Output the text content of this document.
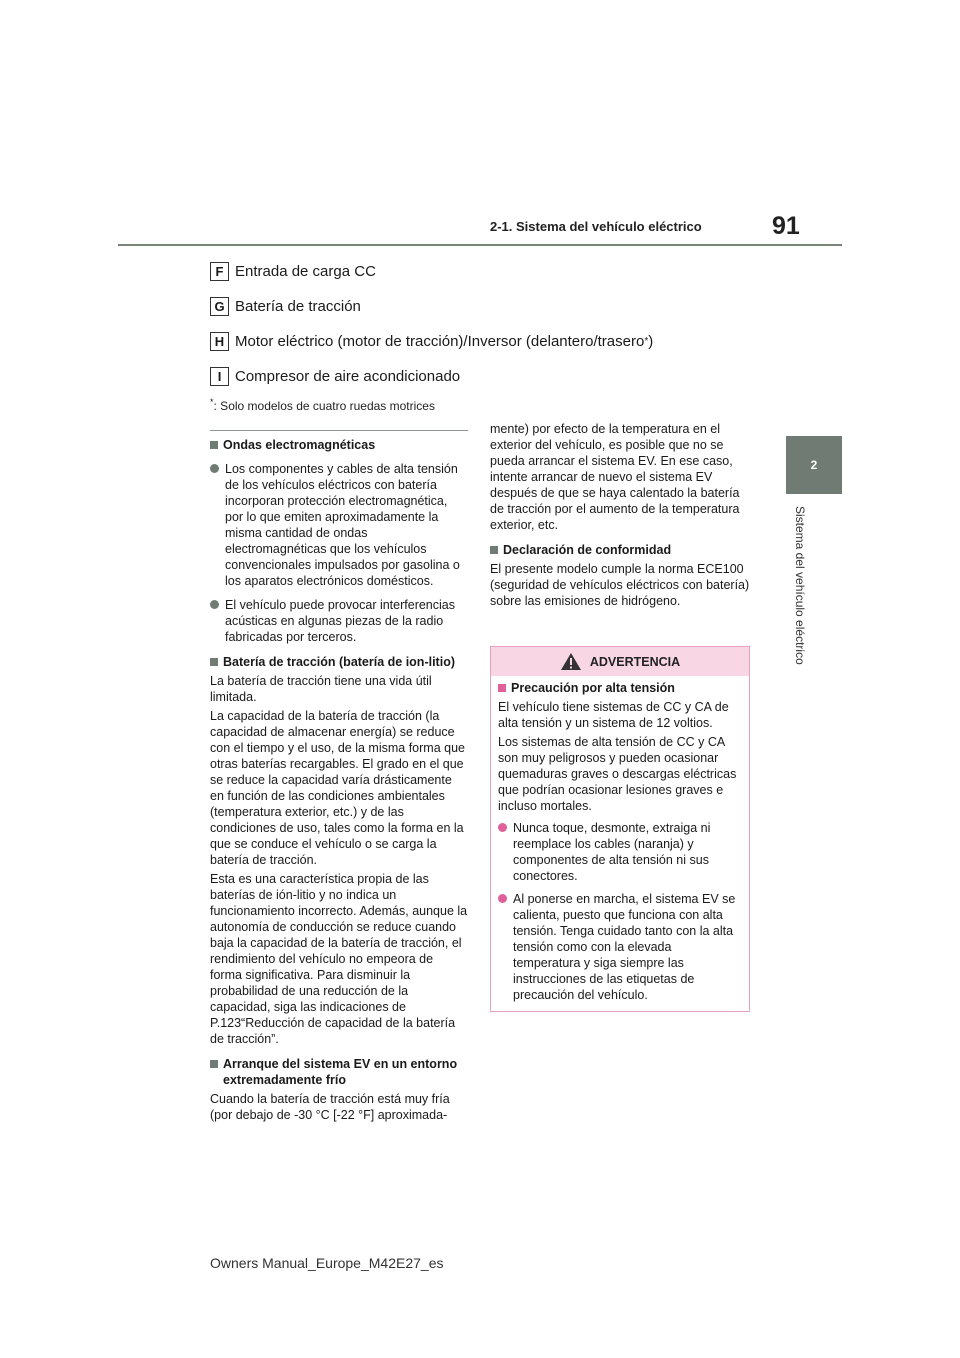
2-1. Sistema del vehículo eléctrico	91
2
Sistema del vehículo eléctrico
F Entrada de carga CC
G Batería de tracción
H Motor eléctrico (motor de tracción)/Inversor (delantero/trasero * )
I Compresor de aire acondicionado
*: Solo modelos de cuatro ruedas motrices

Ondas electromagnéticas

Los componentes y cables de alta tensión de los vehículos eléctricos con batería incorporan protección electromagnética, por lo que emiten aproximadamente la misma cantidad de ondas electromagnéticas que los vehículos convencionales impulsados por gasolina o los aparatos electrónicos domésticos.

El vehículo puede provocar interferencias acústicas en algunas piezas de la radio fabricadas por terceros.

Batería de tracción (batería de ion-litio)

La batería de tracción tiene una vida útil limitada.

La capacidad de la batería de tracción (la capacidad de almacenar energía) se reduce con el tiempo y el uso, de la misma forma que otras baterías recargables. El grado en el que se reduce la capacidad varía drásticamente en función de las condiciones ambientales (temperatura exterior, etc.) y de las condiciones de uso, tales como la forma en la que se conduce el vehículo o se carga la batería de tracción.

Esta es una característica propia de las baterías de ión-litio y no indica un funcionamiento incorrecto. Además, aunque la autonomía de conducción se reduce cuando baja la capacidad de la batería de tracción, el rendimiento del vehículo no empeora de forma significativa. Para disminuir la probabilidad de una reducción de la capacidad, siga las indicaciones de P.123“Reducción de capacidad de la batería de tracción”.

Arranque del sistema EV en un entorno extremadamente frío

Cuando la batería de tracción está muy fría (por debajo de -30 °C [-22 °F] aproximada-

mente) por efecto de la temperatura en el exterior del vehículo, es posible que no se pueda arrancar el sistema EV. En ese caso, intente arrancar de nuevo el sistema EV después de que se haya calentado la batería de tracción por el aumento de la temperatura exterior, etc.

Declaración de conformidad

El presente modelo cumple la norma ECE100 (seguridad de vehículos eléctricos con batería) sobre las emisiones de hidrógeno.

ADVERTENCIA

Precaución por alta tensión

El vehículo tiene sistemas de CC y CA de alta tensión y un sistema de 12 voltios.

Los sistemas de alta tensión de CC y CA son muy peligrosos y pueden ocasionar quemaduras graves o descargas eléctricas que podrían ocasionar lesiones graves e incluso mortales.

Nunca toque, desmonte, extraiga ni reemplace los cables (naranja) y componentes de alta tensión ni sus conectores.

Al ponerse en marcha, el sistema EV se calienta, puesto que funciona con alta tensión. Tenga cuidado tanto con la alta tensión como con la elevada temperatura y siga siempre las instrucciones de las etiquetas de precaución del vehículo.

Owners Manual_Europe_M42E27_es
